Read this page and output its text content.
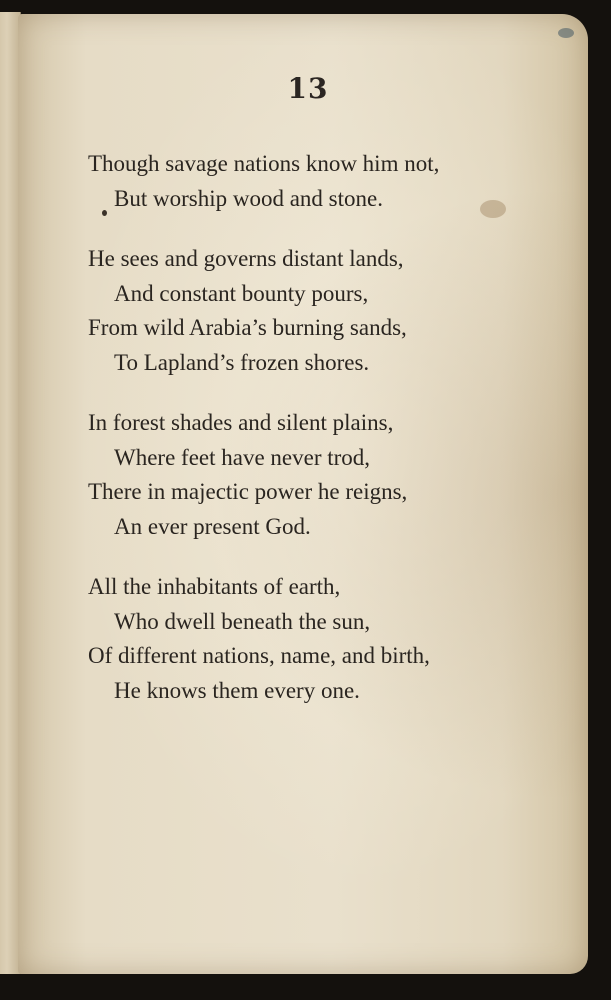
13
Though savage nations know him not,
But worship wood and stone.
He sees and governs distant lands,
And constant bounty pours,
From wild Arabia’s burning sands,
To Lapland’s frozen shores.
In forest shades and silent plains,
Where feet have never trod,
There in majectic power he reigns,
An ever present God.
All the inhabitants of earth,
Who dwell beneath the sun,
Of different nations, name, and birth,
He knows them every one.
